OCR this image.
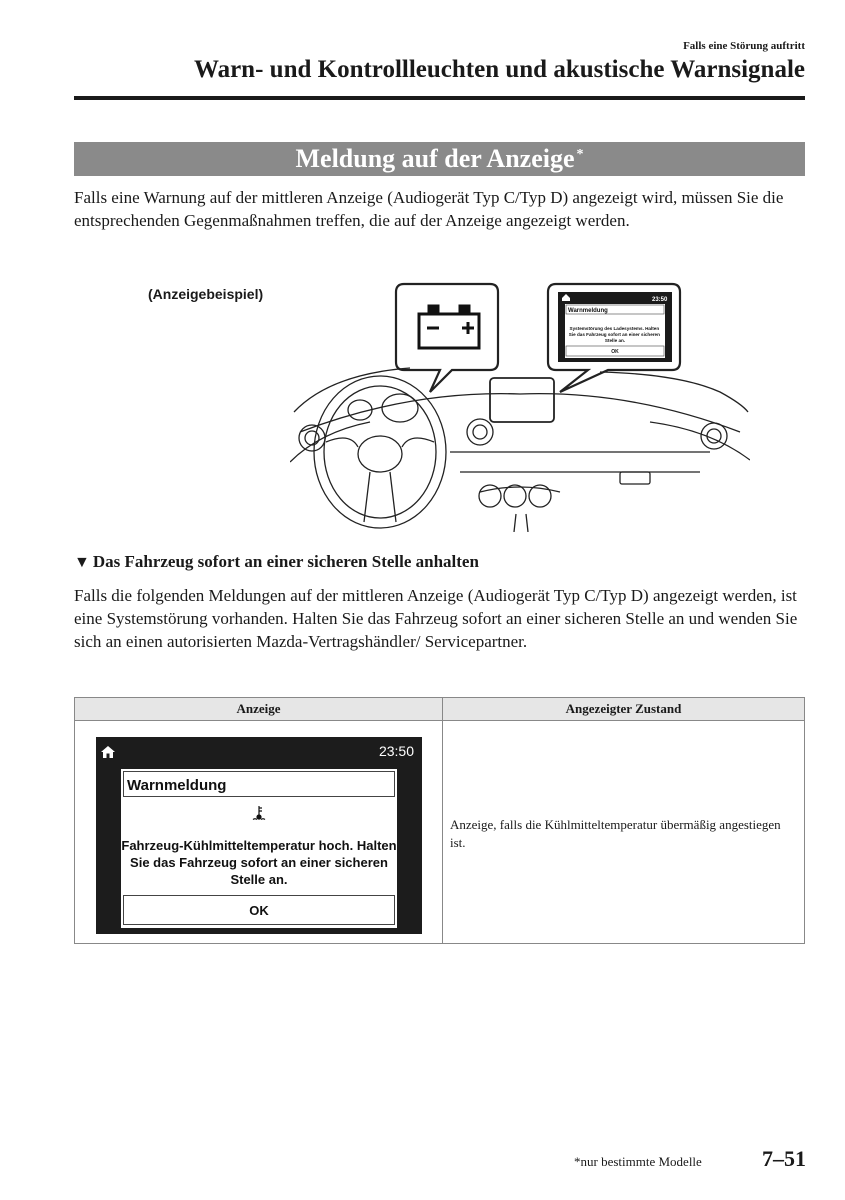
Falls eine Störung auftritt
Warn- und Kontrollleuchten und akustische Warnsignale
Meldung auf der Anzeige*
Falls eine Warnung auf der mittleren Anzeige (Audiogerät Typ C/Typ D) angezeigt wird, müssen Sie die entsprechenden Gegenmaßnahmen treffen, die auf der Anzeige angezeigt werden.
(Anzeigebeispiel)	23:50
Warnmeldung
Systemstörung des Ladesystems. Halten Sie das Fahrzeug sofort an einer sicheren Stelle an.
OK
▼ Das Fahrzeug sofort an einer sicheren Stelle anhalten
Falls die folgenden Meldungen auf der mittleren Anzeige (Audiogerät Typ C/Typ D) angezeigt werden, ist eine Systemstörung vorhanden. Halten Sie das Fahrzeug sofort an einer sicheren Stelle an und wenden Sie sich an einen autorisierten Mazda-Vertragshändler/ Servicepartner.
Anzeige	Angezeigter Zustand

23:50
Warnmeldung
Fahrzeug-Kühlmitteltemperatur hoch. Halten Sie das Fahrzeug sofort an einer sicheren Stelle an.
OK	Anzeige, falls die Kühlmitteltemperatur übermäßig angestiegen ist.
*nur bestimmte Modelle	7–51
